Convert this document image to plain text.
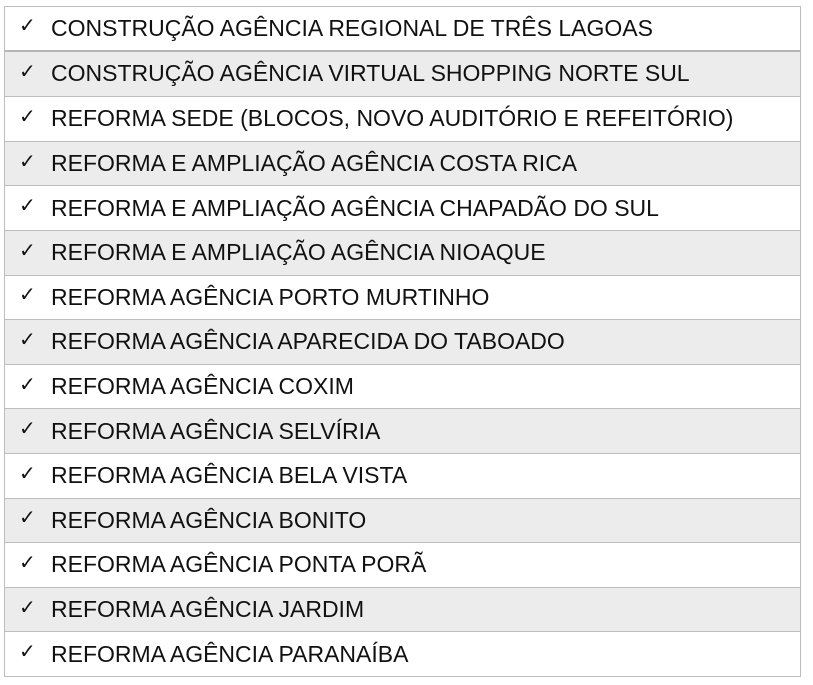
✓ CONSTRUÇÃO AGÊNCIA REGIONAL DE TRÊS LAGOAS
✓ CONSTRUÇÃO AGÊNCIA VIRTUAL SHOPPING NORTE SUL
✓ REFORMA SEDE (BLOCOS, NOVO AUDITÓRIO E REFEITÓRIO)
✓ REFORMA E AMPLIAÇÃO AGÊNCIA COSTA RICA
✓ REFORMA E AMPLIAÇÃO AGÊNCIA CHAPADÃO DO SUL
✓ REFORMA E AMPLIAÇÃO AGÊNCIA NIOAQUE
✓ REFORMA AGÊNCIA PORTO MURTINHO
✓ REFORMA AGÊNCIA APARECIDA DO TABOADO
✓ REFORMA AGÊNCIA COXIM
✓ REFORMA AGÊNCIA SELVÍRIA
✓ REFORMA AGÊNCIA BELA VISTA
✓ REFORMA AGÊNCIA BONITO
✓ REFORMA AGÊNCIA PONTA PORÃ
✓ REFORMA AGÊNCIA JARDIM
✓ REFORMA AGÊNCIA PARANAÍBA
